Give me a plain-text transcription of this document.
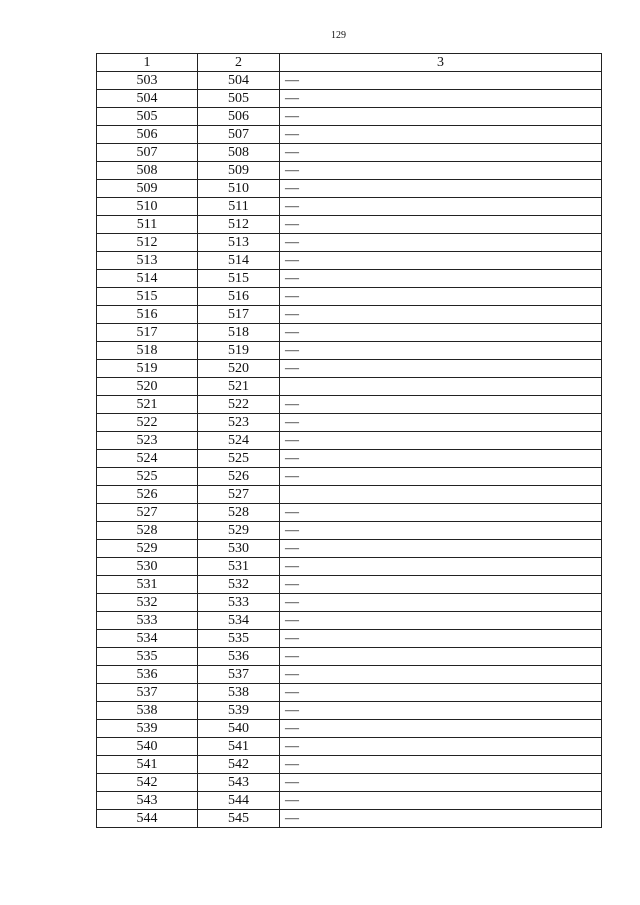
129
1	2	3
503	504	—
504	505	—
505	506	—
506	507	—
507	508	—
508	509	—
509	510	—
510	511	—
511	512	—
512	513	—
513	514	—
514	515	—
515	516	—
516	517	—
517	518	—
518	519	—
519	520	—
520	521	
521	522	—
522	523	—
523	524	—
524	525	—
525	526	—
526	527	
527	528	—
528	529	—
529	530	—
530	531	—
531	532	—
532	533	—
533	534	—
534	535	—
535	536	—
536	537	—
537	538	—
538	539	—
539	540	—
540	541	—
541	542	—
542	543	—
543	544	—
544	545	—
